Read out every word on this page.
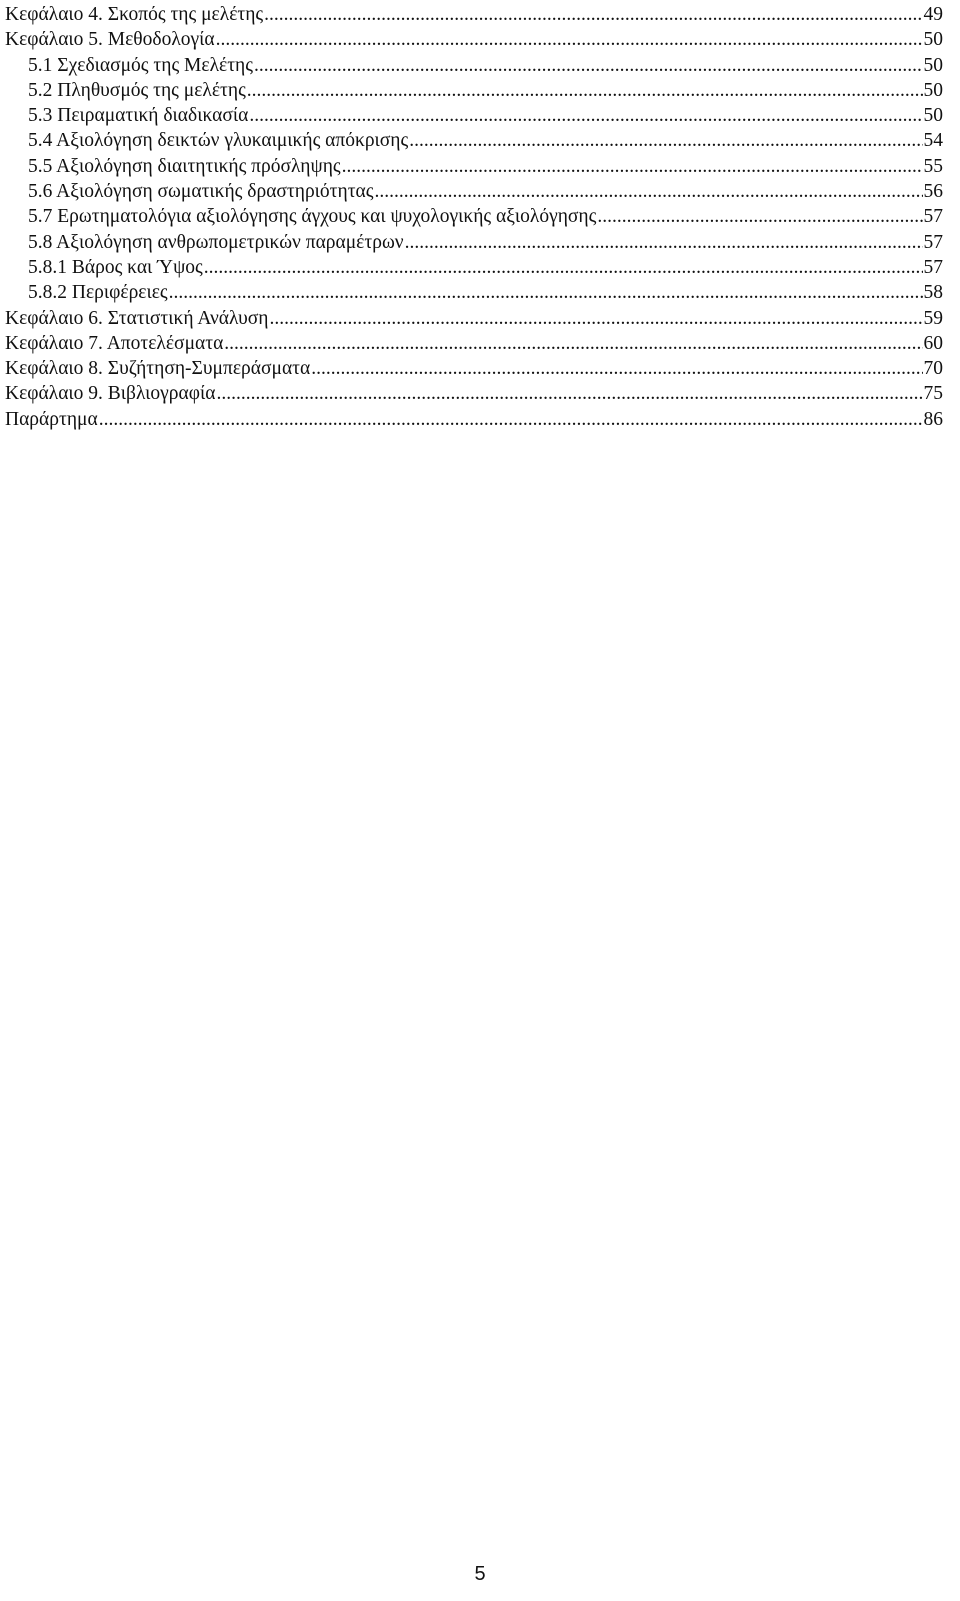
Κεφάλαιο 4. Σκοπός της μελέτης .....	49
Κεφάλαιο 5. Μεθοδολογία .....	50
5.1 Σχεδιασμός της Μελέτης .....	50
5.2 Πληθυσμός της μελέτης .....	50
5.3 Πειραματική διαδικασία .....	50
5.4 Αξιολόγηση δεικτών γλυκαιμικής απόκρισης .....	54
5.5 Αξιολόγηση διαιτητικής πρόσληψης .....	55
5.6 Αξιολόγηση σωματικής δραστηριότητας .....	56
5.7 Ερωτηματολόγια αξιολόγησης άγχους και ψυχολογικής αξιολόγησης .....	57
5.8 Αξιολόγηση ανθρωπομετρικών παραμέτρων .....	57
5.8.1 Βάρος και Ύψος .....	57
5.8.2 Περιφέρειες .....	58
Κεφάλαιο 6. Στατιστική Ανάλυση .....	59
Κεφάλαιο 7. Αποτελέσματα .....	60
Κεφάλαιο 8. Συζήτηση-Συμπεράσματα .....	70
Κεφάλαιο 9. Βιβλιογραφία .....	75
Παράρτημα .....	86
5
